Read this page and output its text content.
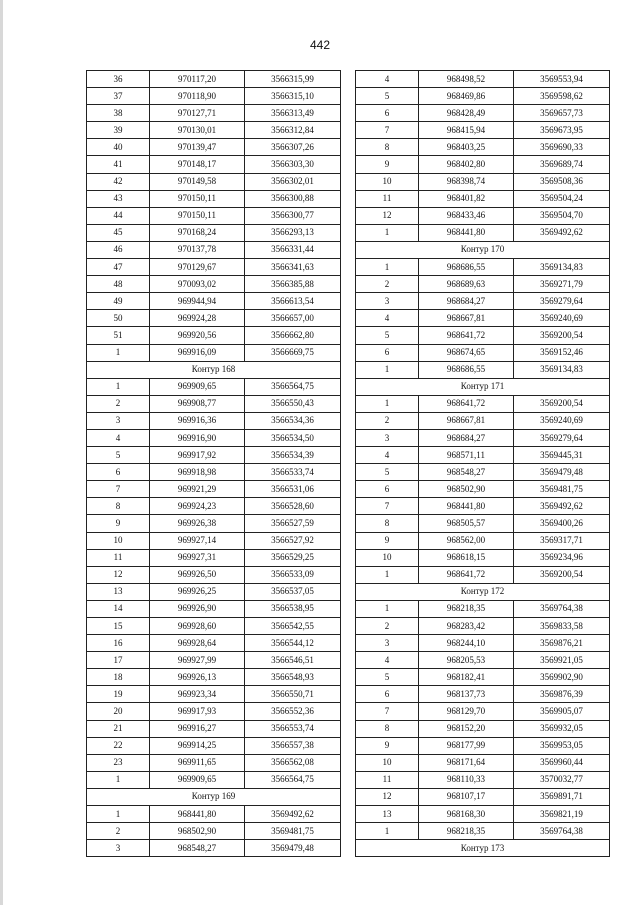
442
36	970117,20	3566315,99
37	970118,90	3566315,10
38	970127,71	3566313,49
39	970130,01	3566312,84
40	970139,47	3566307,26
41	970148,17	3566303,30
42	970149,58	3566302,01
43	970150,11	3566300,88
44	970150,11	3566300,77
45	970168,24	3566293,13
46	970137,78	3566331,44
47	970129,67	3566341,63
48	970093,02	3566385,88
49	969944,94	3566613,54
50	969924,28	3566657,00
51	969920,56	3566662,80
1	969916,09	3566669,75
Контур 168		
1	969909,65	3566564,75
2	969908,77	3566550,43
3	969916,36	3566534,36
4	969916,90	3566534,50
5	969917,92	3566534,39
6	969918,98	3566533,74
7	969921,29	3566531,06
8	969924,23	3566528,60
9	969926,38	3566527,59
10	969927,14	3566527,92
11	969927,31	3566529,25
12	969926,50	3566533,09
13	969926,25	3566537,05
14	969926,90	3566538,95
15	969928,60	3566542,55
16	969928,64	3566544,12
17	969927,99	3566546,51
18	969926,13	3566548,93
19	969923,34	3566550,71
20	969917,93	3566552,36
21	969916,27	3566553,74
22	969914,25	3566557,38
23	969911,65	3566562,08
1	969909,65	3566564,75
Контур 169		
1	968441,80	3569492,62
2	968502,90	3569481,75
3	968548,27	3569479,48
4	968498,52	3569553,94
5	968469,86	3569598,62
6	968428,49	3569657,73
7	968415,94	3569673,95
8	968403,25	3569690,33
9	968402,80	3569689,74
10	968398,74	3569508,36
11	968401,82	3569504,24
12	968433,46	3569504,70
1	968441,80	3569492,62
Контур 170		
1	968686,55	3569134,83
2	968689,63	3569271,79
3	968684,27	3569279,64
4	968667,81	3569240,69
5	968641,72	3569200,54
6	968674,65	3569152,46
1	968686,55	3569134,83
Контур 171		
1	968641,72	3569200,54
2	968667,81	3569240,69
3	968684,27	3569279,64
4	968571,11	3569445,31
5	968548,27	3569479,48
6	968502,90	3569481,75
7	968441,80	3569492,62
8	968505,57	3569400,26
9	968562,00	3569317,71
10	968618,15	3569234,96
1	968641,72	3569200,54
Контур 172		
1	968218,35	3569764,38
2	968283,42	3569833,58
3	968244,10	3569876,21
4	968205,53	3569921,05
5	968182,41	3569902,90
6	968137,73	3569876,39
7	968129,70	3569905,07
8	968152,20	3569932,05
9	968177,99	3569953,05
10	968171,64	3569960,44
11	968110,33	3570032,77
12	968107,17	3569891,71
13	968168,30	3569821,19
1	968218,35	3569764,38
Контур 173		
